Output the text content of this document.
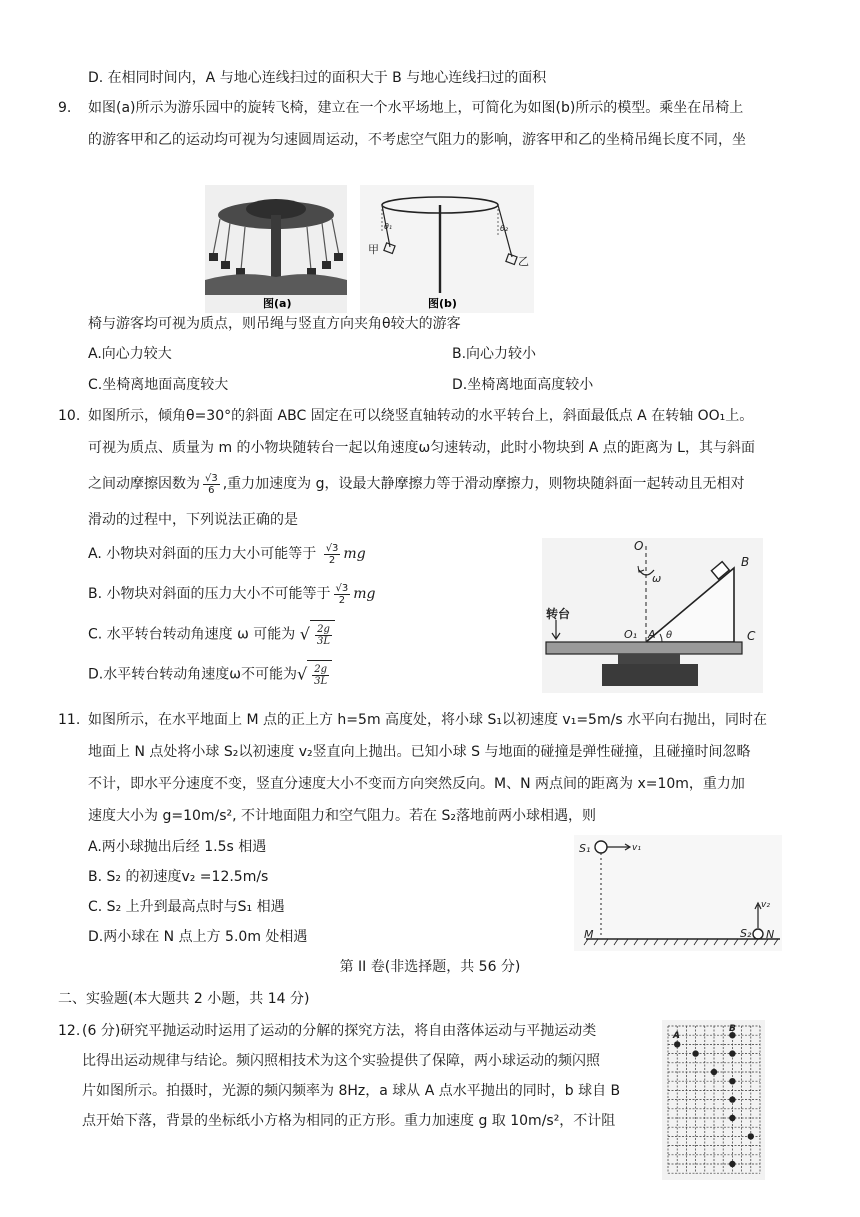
D. 在相同时间内，A 与地心连线扫过的面积大于 B 与地心连线扫过的面积
9. 如图(a)所示为游乐园中的旋转飞椅，建立在一个水平场地上，可简化为如图(b)所示的模型。乘坐在吊椅上
的游客甲和乙的运动均可视为匀速圆周运动，不考虑空气阻力的影响，游客甲和乙的坐椅吊绳长度不同，坐
图(a)
甲
乙
θ₁	θ₂
图(b)
椅与游客均可视为质点，则吊绳与竖直方向夹角θ较大的游客
A.向心力较大	B.向心力较小
C.坐椅离地面高度较大	D.坐椅离地面高度较小
10. 如图所示，倾角θ=30°的斜面 ABC 固定在可以绕竖直轴转动的水平转台上，斜面最低点 A 在转轴 OO₁上。
可视为质点、质量为 m 的小物块随转台一起以角速度ω匀速转动，此时小物块到 A 点的距离为 L，其与斜面
之间动摩擦因数为 $\frac{√3}{6}$ ,重力加速度为 g，设最大静摩擦力等于滑动摩擦力，则物块随斜面一起转动且无相对
滑动的过程中，下列说法正确的是
A. 小物块对斜面的压力大小可能等于 $\frac{√3}{2}$ mg
B. 小物块对斜面的压力大小不可能等于 $\frac{√3}{2}$ mg
C. 水平转台转动角速度 ω 可能为 √ $\frac{2g}{3L}$
D.水平转台转动角速度ω不可能为√ $\frac{2g}{3L}$
O
B
ω
转台
O₁ A θ	C
11. 如图所示，在水平地面上 M 点的正上方 h=5m 高度处，将小球 S₁以初速度 v₁=5m/s 水平向右抛出，同时在
地面上 N 点处将小球 S₂以初速度 v₂竖直向上抛出。已知小球 S 与地面的碰撞是弹性碰撞，且碰撞时间忽略
不计，即水平分速度不变，竖直分速度大小不变而方向突然反向。M、N 两点间的距离为 x=10m，重力加
速度大小为 g=10m/s², 不计地面阻力和空气阻力。若在 S₂落地前两小球相遇，则
A.两小球抛出后经 1.5s 相遇
B. S₂ 的初速度v₂ =12.5m/s
C. S₂ 上升到最高点时与S₁ 相遇
D.两小球在 N 点上方 5.0m 处相遇
S₁	v₁
v₂
S₂
M	N
第 II 卷(非选择题，共 56 分)
二、实验题(本大题共 2 小题，共 14 分)
12. (6 分)研究平抛运动时运用了运动的分解的探究方法，将自由落体运动与平抛运动类
比得出运动规律与结论。频闪照相技术为这个实验提供了保障，两小球运动的频闪照
片如图所示。拍摄时，光源的频闪频率为 8Hz，a 球从 A 点水平抛出的同时，b 球自 B
点开始下落，背景的坐标纸小方格为相同的正方形。重力加速度 g 取 10m/s²，不计阻
A
B
